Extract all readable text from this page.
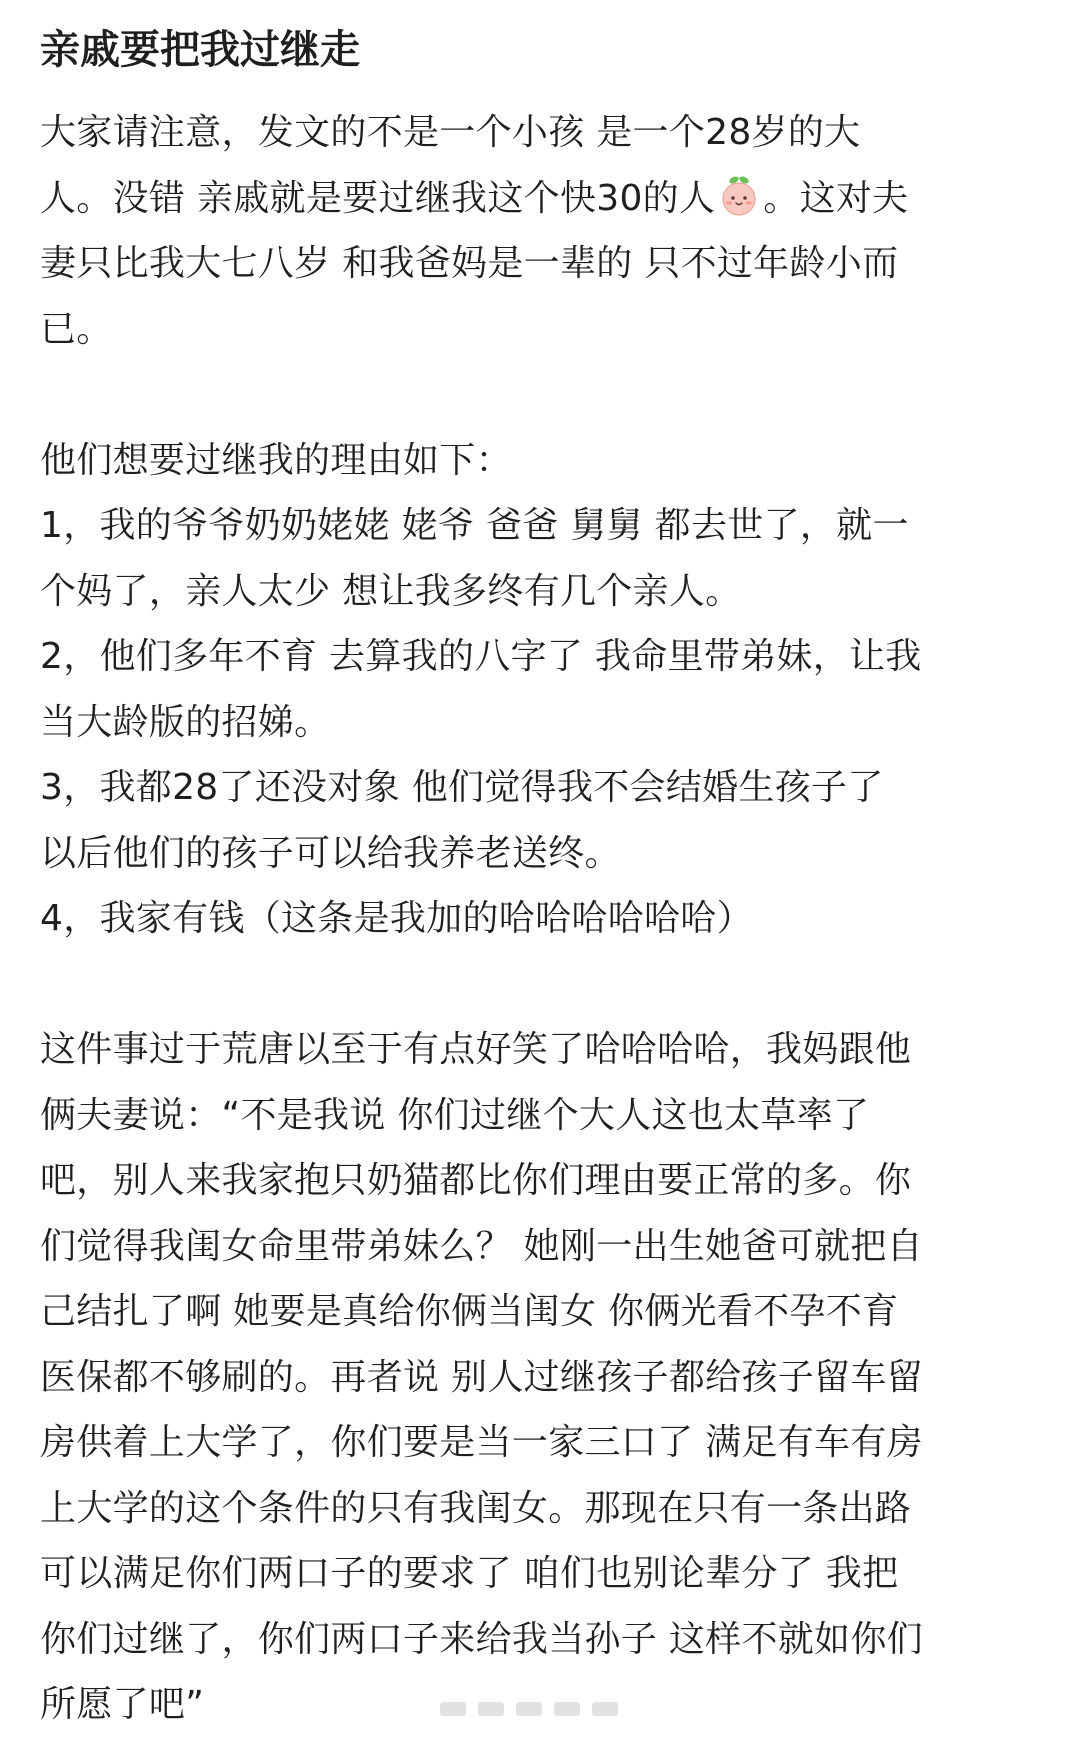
亲戚要把我过继走
大家请注意，发文的不是一个小孩 是一个28岁的大
人。没错 亲戚就是要过继我这个快30的人 。这对夫
妻只比我大七八岁 和我爸妈是一辈的 只不过年龄小而
已。
他们想要过继我的理由如下：
1，我的爷爷奶奶姥姥 姥爷 爸爸 舅舅 都去世了，就一
个妈了，亲人太少 想让我多终有几个亲人。
2，他们多年不育 去算我的八字了 我命里带弟妹，让我
当大龄版的招娣。
3，我都28了还没对象 他们觉得我不会结婚生孩子了
以后他们的孩子可以给我养老送终。
4，我家有钱（这条是我加的哈哈哈哈哈哈）
这件事过于荒唐以至于有点好笑了哈哈哈哈，我妈跟他
俩夫妻说：“不是我说 你们过继个大人这也太草率了
吧，别人来我家抱只奶猫都比你们理由要正常的多。你
们觉得我闺女命里带弟妹么？ 她刚一出生她爸可就把自
己结扎了啊 她要是真给你俩当闺女 你俩光看不孕不育
医保都不够刷的。再者说 别人过继孩子都给孩子留车留
房供着上大学了，你们要是当一家三口了 满足有车有房
上大学的这个条件的只有我闺女。那现在只有一条出路
可以满足你们两口子的要求了 咱们也别论辈分了 我把
你们过继了，你们两口子来给我当孙子 这样不就如你们
所愿了吧”
